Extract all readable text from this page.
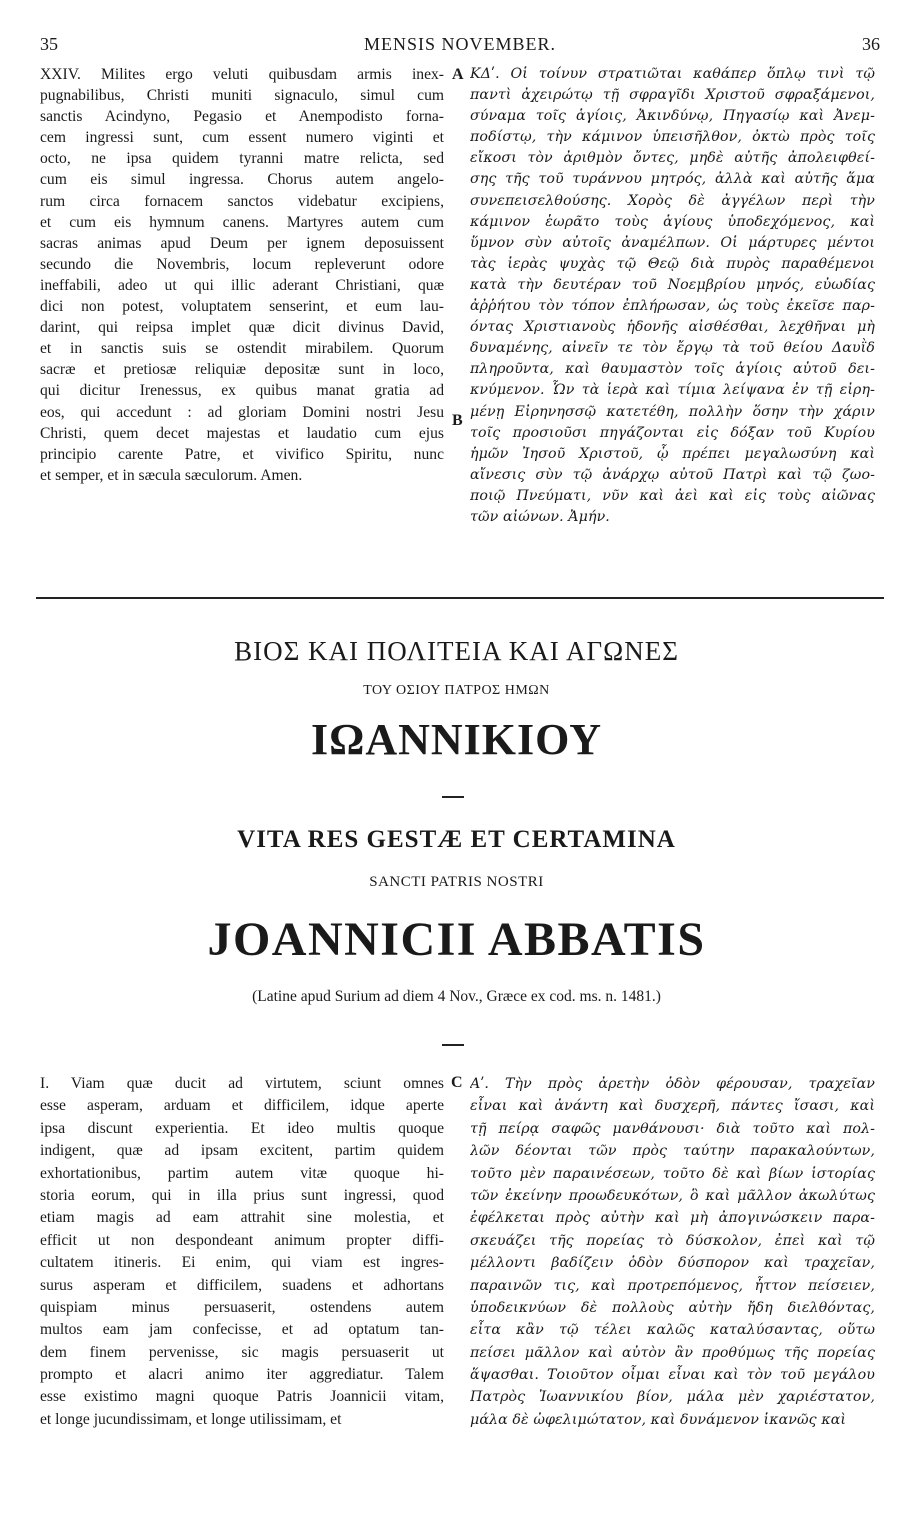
35	MENSIS NOVEMBER.	36
XXIV. Milites ergo veluti quibusdam armis inex-
pugnabilibus, Christi muniti signaculo, simul cum
sanctis Acindyno, Pegasio et Anempodisto forna-
cem ingressi sunt, cum essent numero viginti et
octo, ne ipsa quidem tyranni matre relicta, sed
cum eis simul ingressa. Chorus autem angelo-
rum circa fornacem sanctos videbatur excipiens,
et cum eis hymnum canens. Martyres autem cum
sacras animas apud Deum per ignem deposuissent
secundo die Novembris, locum repleverunt odore
ineffabili, adeo ut qui illic aderant Christiani, quæ
dici non potest, voluptatem senserint, et eum lau-
darint, qui reipsa implet quæ dicit divinus David,
et in sanctis suis se ostendit mirabilem. Quorum
sacræ et pretiosæ reliquiæ depositæ sunt in loco,
qui dicitur Irenessus, ex quibus manat gratia ad
eos, qui accedunt : ad gloriam Domini nostri Jesu
Christi, quem decet majestas et laudatio cum ejus
principio carente Patre, et vivifico Spiritu, nunc
et semper, et in sæcula sæculorum. Amen.
ΚΔʹ. Οἱ τοίνυν στρατιῶται καθάπερ ὅπλῳ τινὶ τῷ
παντὶ ἀχειρώτῳ τῇ σφραγῖδι Χριστοῦ σφραξάμενοι,
σύναμα τοῖς ἁγίοις, Ἀκινδύνῳ, Πηγασίῳ καὶ Ἀνεμ-
ποδίστῳ, τὴν κάμινον ὑπεισῆλθον, ὀκτὼ πρὸς τοῖς
εἴκοσι τὸν ἀριθμὸν ὄντες, μηδὲ αὐτῆς ἀπολειφθεί-
σης τῆς τοῦ τυράννου μητρός, ἀλλὰ καὶ αὐτῆς ἅμα
συνεπεισελθούσης. Χορὸς δὲ ἀγγέλων περὶ τὴν
κάμινον ἑωρᾶτο τοὺς ἁγίους ὑποδεχόμενος, καὶ
ὕμνον σὺν αὐτοῖς ἀναμέλπων. Οἱ μάρτυρες μέντοι
τὰς ἱερὰς ψυχὰς τῷ Θεῷ διὰ πυρὸς παραθέμενοι
κατὰ τὴν δευτέραν τοῦ Νοεμβρίου μηνός, εὐωδίας
ἀῤῥήτου τὸν τόπον ἐπλήρωσαν, ὡς τοὺς ἐκεῖσε παρ-
όντας Χριστιανοὺς ἡδονῆς αἰσθέσθαι, λεχθῆναι μὴ
δυναμένης, αἰνεῖν τε τὸν ἔργῳ τὰ τοῦ θείου Δαυῒδ
πληροῦντα, καὶ θαυμαστὸν τοῖς ἁγίοις αὐτοῦ δει-
κνύμενον. Ὧν τὰ ἱερὰ καὶ τίμια λείψανα ἐν τῇ εἰρη-
μένῃ Εἰρηνησσῷ κατετέθη, πολλὴν ὅσην τὴν χάριν
τοῖς προσιοῦσι πηγάζονται εἰς δόξαν τοῦ Κυρίου
ἡμῶν Ἰησοῦ Χριστοῦ, ᾧ πρέπει μεγαλωσύνη καὶ
αἴνεσις σὺν τῷ ἀνάρχῳ αὐτοῦ Πατρὶ καὶ τῷ ζωο-
ποιῷ Πνεύματι, νῦν καὶ ἀεὶ καὶ εἰς τοὺς αἰῶνας
τῶν αἰώνων. Ἀμήν.
A
B
ΒΙΟΣ ΚΑΙ ΠΟΛΙΤΕΙΑ ΚΑΙ ΑΓΩΝΕΣ
ΤΟΥ ΟΣΙΟΥ ΠΑΤΡΟΣ ΗΜΩΝ
ΙΩΑΝΝΙΚΙΟΥ
VITA RES GESTÆ ET CERTAMINA
SANCTI PATRIS NOSTRI
JOANNICII ABBATIS
(Latine apud Surium ad diem 4 Nov., Græce ex cod. ms. n. 1481.)
I. Viam quæ ducit ad virtutem, sciunt omnes
esse asperam, arduam et difficilem, idque aperte
ipsa discunt experientia. Et ideo multis quoque
indigent, quæ ad ipsam excitent, partim quidem
exhortationibus, partim autem vitæ quoque hi-
storia eorum, qui in illa prius sunt ingressi, quod
etiam magis ad eam attrahit sine molestia, et
efficit ut non despondeant animum propter diffi-
cultatem itineris. Ei enim, qui viam est ingres-
surus asperam et difficilem, suadens et adhortans
quispiam minus persuaserit, ostendens autem
multos eam jam confecisse, et ad optatum tan-
dem finem pervenisse, sic magis persuaserit ut
prompto et alacri animo iter aggrediatur. Talem
esse existimo magni quoque Patris Joannicii vitam,
et longe jucundissimam, et longe utilissimam, et
Αʹ. Τὴν πρὸς ἀρετὴν ὁδὸν φέρουσαν, τραχεῖαν
εἶναι καὶ ἀνάντη καὶ δυσχερῆ, πάντες ἴσασι, καὶ
τῇ πείρᾳ σαφῶς μανθάνουσι· διὰ τοῦτο καὶ πολ-
λῶν δέονται τῶν πρὸς ταύτην παρακαλούντων,
τοῦτο μὲν παραινέσεων, τοῦτο δὲ καὶ βίων ἱστορίας
τῶν ἐκείνην προωδευκότων, ὃ καὶ μᾶλλον ἀκωλύτως
ἐφέλκεται πρὸς αὐτὴν καὶ μὴ ἀπογινώσκειν παρα-
σκευάζει τῆς πορείας τὸ δύσκολον, ἐπεὶ καὶ τῷ
μέλλοντι βαδίζειν ὁδὸν δύσπορον καὶ τραχεῖαν,
παραινῶν τις, καὶ προτρεπόμενος, ἧττον πείσειεν,
ὑποδεικνύων δὲ πολλοὺς αὐτὴν ἤδη διελθόντας,
εἶτα κἂν τῷ τέλει καλῶς καταλύσαντας, οὕτω
πείσει μᾶλλον καὶ αὐτὸν ἂν προθύμως τῆς πορείας
ἅψασθαι. Τοιοῦτον οἶμαι εἶναι καὶ τὸν τοῦ μεγάλου
Πατρὸς Ἰωαννικίου βίον, μάλα μὲν χαριέστατον,
μάλα δὲ ὠφελιμώτατον, καὶ δυνάμενον ἱκανῶς καὶ
C
